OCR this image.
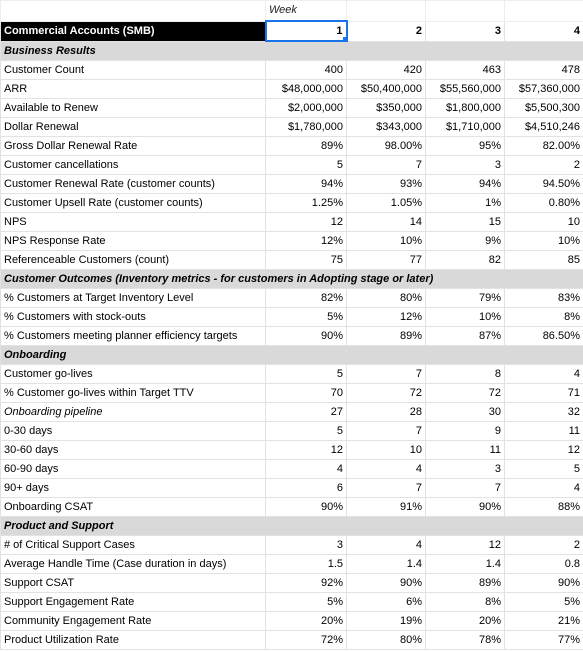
	Week			
Commercial Accounts (SMB)	1	2	3	4
Business Results				
Customer Count	400	420	463	478
ARR	$48,000,000	$50,400,000	$55,560,000	$57,360,000
Available to Renew	$2,000,000	$350,000	$1,800,000	$5,500,300
Dollar Renewal	$1,780,000	$343,000	$1,710,000	$4,510,246
Gross Dollar Renewal Rate	89%	98.00%	95%	82.00%
Customer cancellations	5	7	3	2
Customer Renewal Rate (customer counts)	94%	93%	94%	94.50%
Customer Upsell Rate (customer counts)	1.25%	1.05%	1%	0.80%
NPS	12	14	15	10
NPS Response Rate	12%	10%	9%	10%
Referenceable Customers (count)	75	77	82	85
Customer Outcomes (Inventory metrics - for customers in Adopting stage or later)				
% Customers at Target Inventory Level	82%	80%	79%	83%
% Customers with stock-outs	5%	12%	10%	8%
% Customers meeting planner efficiency targets	90%	89%	87%	86.50%
Onboarding				
Customer go-lives	5	7	8	4
% Customer go-lives within Target TTV	70	72	72	71
Onboarding pipeline	27	28	30	32
0-30 days	5	7	9	11
30-60 days	12	10	11	12
60-90 days	4	4	3	5
90+ days	6	7	7	4
Onboarding CSAT	90%	91%	90%	88%
Product and Support				
# of Critical Support Cases	3	4	12	2
Average Handle Time (Case duration in days)	1.5	1.4	1.4	0.8
Support CSAT	92%	90%	89%	90%
Support Engagement Rate	5%	6%	8%	5%
Community Engagement Rate	20%	19%	20%	21%
Product Utilization Rate	72%	80%	78%	77%
